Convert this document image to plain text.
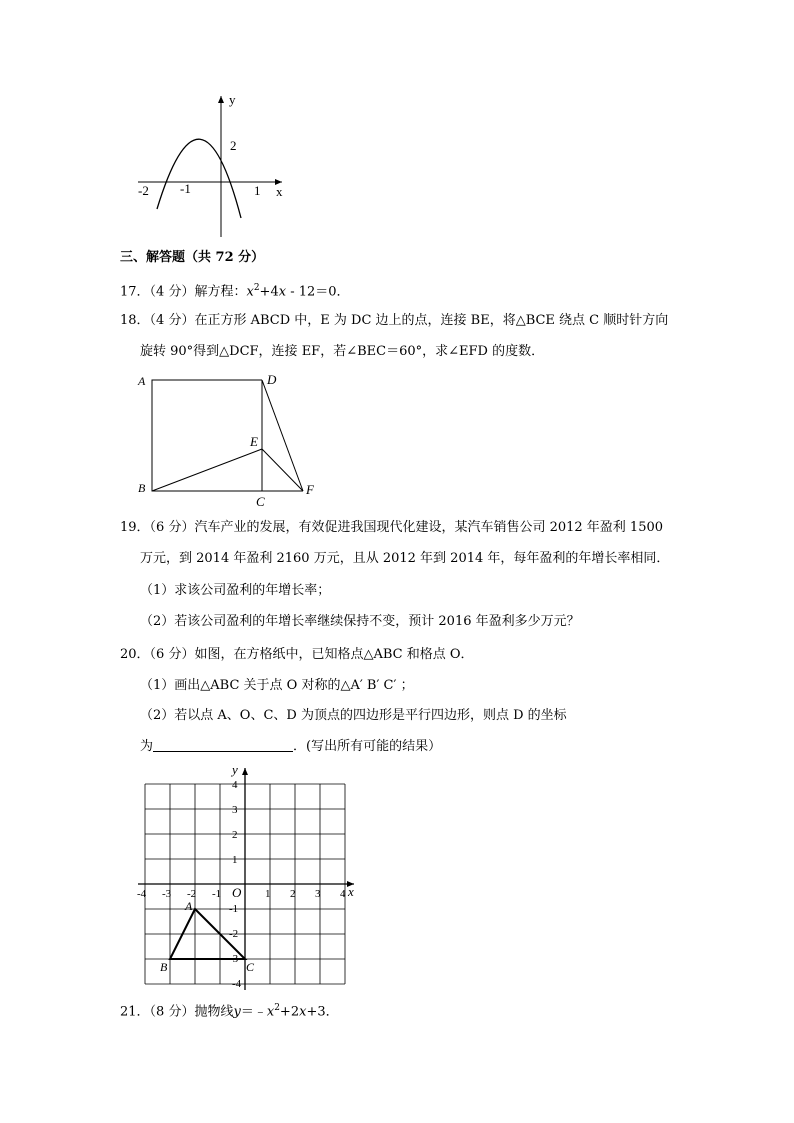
y
x
-2 -1	1
2
三、解答题（共 72 分）
17．（4 分）解方程：$x^2+4x - 12=0$．
18．（4 分）在正方形 ABCD 中，E 为 DC 边上的点，连接 BE，将△BCE 绕点 C 顺时针方向
旋转 90°得到△DCF，连接 EF，若∠BEC＝60°，求∠EFD 的度数．
A	D
E
B
C
F
19．（6 分）汽车产业的发展，有效促进我国现代化建设，某汽车销售公司 2012 年盈利 1500
万元，到 2014 年盈利 2160 万元，且从 2012 年到 2014 年，每年盈利的年增长率相同．
（1）求该公司盈利的年增长率；
（2）若该公司盈利的年增长率继续保持不变，预计 2016 年盈利多少万元？
20．（6 分）如图，在方格纸中，已知格点△ABC 和格点 O．
（1）画出△ABC 关于点 O 对称的△A′ B′ C′ ；
（2）若以点 A、O、C、D 为顶点的四边形是平行四边形，则点 D 的坐标
为	．(写出所有可能的结果）
y
x
O
-4 -3 -2 -1	1 2 3 4
4
3
2
1
-1
-2
-3
-4
A
B	C
21．（8 分）抛物线$y=﹣x^2+2x+3$．
